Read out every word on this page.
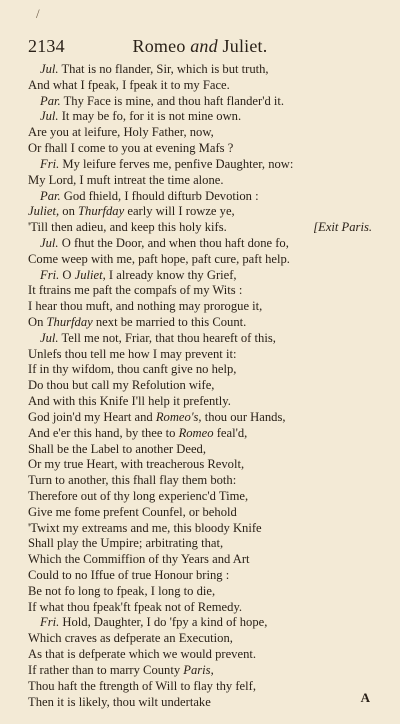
/
2134	Romeo and Juliet.
Jul. That is no flander, Sir, which is but truth,
And what I fpeak, I fpeak it to my Face.
Par. Thy Face is mine, and thou haft flander'd it.
Jul. It may be fo, for it is not mine own.
Are you at leifure, Holy Father, now,
Or fhall I come to you at evening Mafs ?
Fri. My leifure ferves me, penfive Daughter, now:
My Lord, I muft intreat the time alone.
Par. God fhield, I fhould difturb Devotion :
Juliet, on Thurfday early will I rowze ye,
'Till then adieu, and keep this holy kifs.	[Exit Paris.
Jul. O fhut the Door, and when thou haft done fo,
Come weep with me, paft hope, paft cure, paft help.
Fri. O Juliet, I already know thy Grief,
It ftrains me paft the compafs of my Wits :
I hear thou muft, and nothing may prorogue it,
On Thurfday next be married to this Count.
Jul. Tell me not, Friar, that thou heareft of this,
Unlefs thou tell me how I may prevent it:
If in thy wifdom, thou canft give no help,
Do thou but call my Refolution wife,
And with this Knife I'll help it prefently.
God join'd my Heart and Romeo's, thou our Hands,
And e'er this hand, by thee to Romeo feal'd,
Shall be the Label to another Deed,
Or my true Heart, with treacherous Revolt,
Turn to another, this fhall flay them both:
Therefore out of thy long experienc'd Time,
Give me fome prefent Counfel, or behold
'Twixt my extreams and me, this bloody Knife
Shall play the Umpire; arbitrating that,
Which the Commiffion of thy Years and Art
Could to no Iffue of true Honour bring :
Be not fo long to fpeak, I long to die,
If what thou fpeak'ft fpeak not of Remedy.
Fri. Hold, Daughter, I do 'fpy a kind of hope,
Which craves as defperate an Execution,
As that is defperate which we would prevent.
If rather than to marry County Paris,
Thou haft the ftrength of Will to flay thy felf,
Then it is likely, thou wilt undertake	A
